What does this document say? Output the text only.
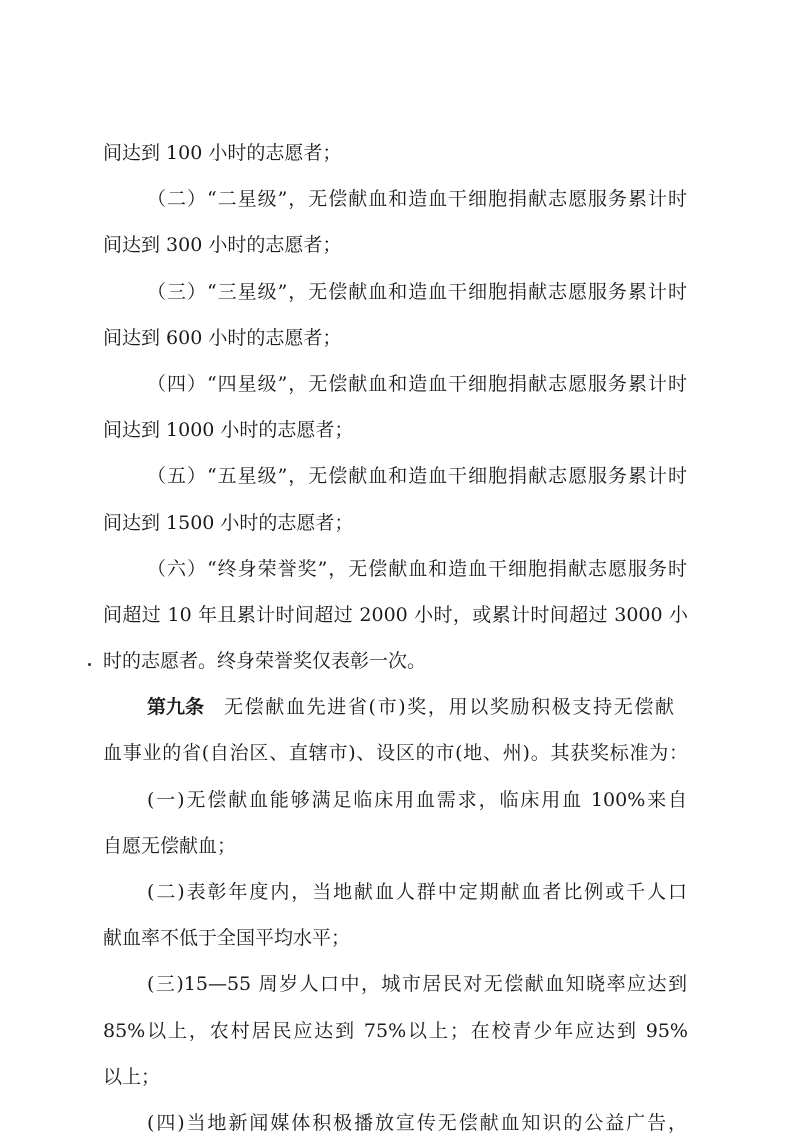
间达到 100 小时的志愿者；
（二）“二星级”，无偿献血和造血干细胞捐献志愿服务累计时
间达到 300 小时的志愿者；
（三）“三星级”，无偿献血和造血干细胞捐献志愿服务累计时
间达到 600 小时的志愿者；
（四）“四星级”，无偿献血和造血干细胞捐献志愿服务累计时
间达到 1000 小时的志愿者；
（五）“五星级”，无偿献血和造血干细胞捐献志愿服务累计时
间达到 1500 小时的志愿者；
（六）“终身荣誉奖”，无偿献血和造血干细胞捐献志愿服务时
间超过 10 年且累计时间超过 2000 小时，或累计时间超过 3000 小
时的志愿者。终身荣誉奖仅表彰一次。
第九条 无偿献血先进省(市)奖，用以奖励积极支持无偿献
血事业的省(自治区、直辖市)、设区的市(地、州)。其获奖标准为：
(一)无偿献血能够满足临床用血需求，临床用血 100%来自
自愿无偿献血；
(二)表彰年度内，当地献血人群中定期献血者比例或千人口
献血率不低于全国平均水平；
(三)15—55 周岁人口中，城市居民对无偿献血知晓率应达到
85%以上，农村居民应达到 75%以上；在校青少年应达到 95%
以上；
(四)当地新闻媒体积极播放宣传无偿献血知识的公益广告，
